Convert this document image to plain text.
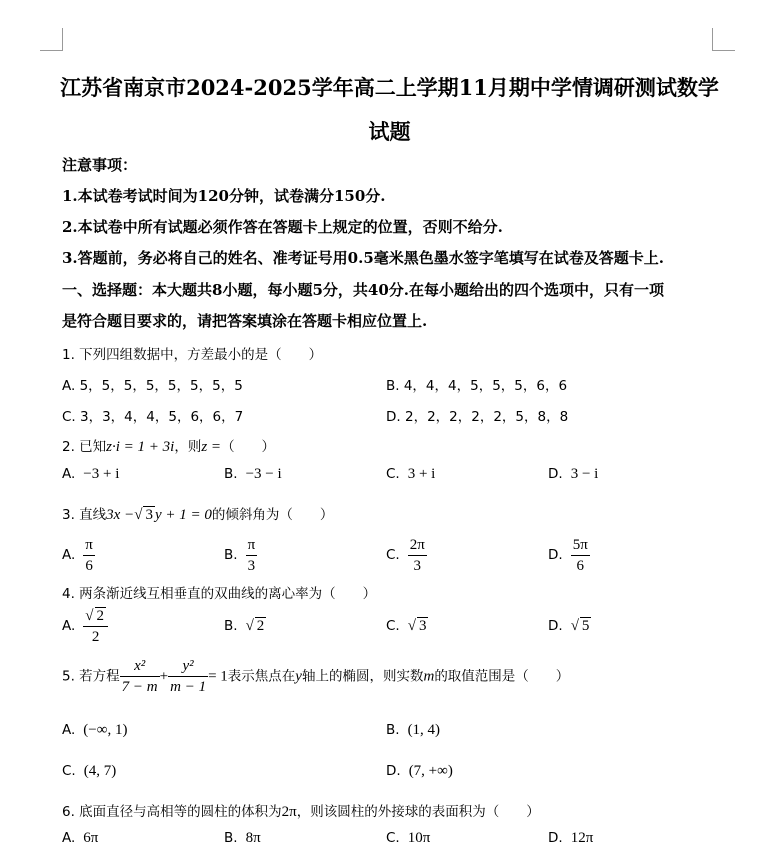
江苏省南京市2024-2025学年高二上学期11月期中学情调研测试数学
试题
注意事项：
1.本试卷考试时间为120分钟，试卷满分150分.
2.本试卷中所有试题必须作答在答题卡上规定的位置，否则不给分.
3.答题前，务必将自己的姓名、准考证号用0.5毫米黑色墨水签字笔填写在试卷及答题卡上.
一、选择题：本大题共8小题，每小题5分，共40分.在每小题给出的四个选项中，只有一项
是符合题目要求的，请把答案填涂在答题卡相应位置上.
1. 下列四组数据中，方差最小的是（　　）
A. 5，5，5，5，5，5，5，5	B. 4，4，4，5，5，5，6，6
C. 3，3，4，4，5，6，6，7	D. 2，2，2，2，2，5，8，8
2. 已知z·i = 1 + 3i，则z =（　　）
A. −3 + i	B. −3 − i	C. 3 + i	D. 3 − i
3. 直线3x −√ 3 y + 1 = 0的倾斜角为（　　）
A. $\frac{\pi}{6}$	B. $\frac{\pi}{3}$	C. $\frac{2\pi}{3}$	D. $\frac{5\pi}{6}$
4. 两条渐近线互相垂直的双曲线的离心率为（　　）
A. $\frac{√ 2}{2}$	B. √ 2	C. √ 3	D. √ 5
5. 若方程 $\frac{\text{x²}}{7 - m} + \frac{\text{y²}}{m - 1} = 1$表示焦点在y轴上的椭圆，则实数m的取值范围是（　　）
A. (−∞, 1)	B. (1, 4)
C. (4, 7)	D. (7, +∞)
6. 底面直径与高相等的圆柱的体积为2π，则该圆柱的外接球的表面积为（　　）
A. 6π	B. 8π	C. 10π	D. 12π
